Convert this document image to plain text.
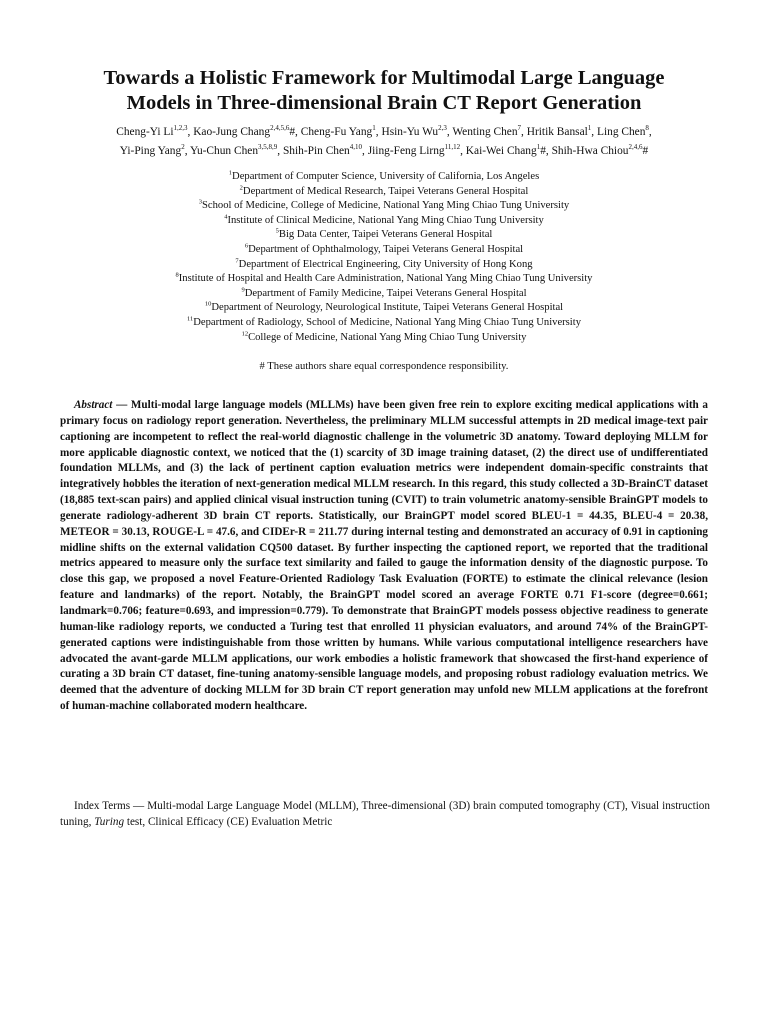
Towards a Holistic Framework for Multimodal Large Language
Models in Three-dimensional Brain CT Report Generation
Cheng-Yi Li$^{1,2,3}$, Kao-Jung Chang$^{2,4,5,6}$#, Cheng-Fu Yang$^1$, Hsin-Yu Wu$^{2,3}$, Wenting Chen$^7$, Hritik Bansal$^1$, Ling Chen$^8$,
Yi-Ping Yang$^2$, Yu-Chun Chen$^{3,5,8,9}$, Shih-Pin Chen$^{4,10}$, Jiing-Feng Lirng$^{11,12}$, Kai-Wei Chang$^1$#, Shih-Hwa Chiou$^{2,4,6}$#
$^1$Department of Computer Science, University of California, Los Angeles
$^2$Department of Medical Research, Taipei Veterans General Hospital
$^3$School of Medicine, College of Medicine, National Yang Ming Chiao Tung University
$^4$Institute of Clinical Medicine, National Yang Ming Chiao Tung University
$^5$Big Data Center, Taipei Veterans General Hospital
$^6$Department of Ophthalmology, Taipei Veterans General Hospital
$^7$Department of Electrical Engineering, City University of Hong Kong
$^8$Institute of Hospital and Health Care Administration, National Yang Ming Chiao Tung University
$^9$Department of Family Medicine, Taipei Veterans General Hospital
$^{10}$Department of Neurology, Neurological Institute, Taipei Veterans General Hospital
$^{11}$Department of Radiology, School of Medicine, National Yang Ming Chiao Tung University
$^{12}$College of Medicine, National Yang Ming Chiao Tung University

# These authors share equal correspondence responsibility.

Abstract — Multi-modal large language models (MLLMs) have been given free rein to explore exciting medical applications with a primary focus on radiology report generation. Nevertheless, the preliminary MLLM successful attempts in 2D medical image-text pair captioning are incompetent to reflect the real-world diagnostic challenge in the volumetric 3D anatomy. Toward deploying MLLM for more applicable diagnostic context, we noticed that the (1) scarcity of 3D image training dataset, (2) the direct use of undifferentiated foundation MLLMs, and (3) the lack of pertinent caption evaluation metrics were independent domain-specific constraints that integratively hobbles the iteration of next-generation medical MLLM research. In this regard, this study collected a 3D-BrainCT dataset (18,885 text-scan pairs) and applied clinical visual instruction tuning (CVIT) to train volumetric anatomy-sensible BrainGPT models to generate radiology-adherent 3D brain CT reports. Statistically, our BrainGPT model scored BLEU-1 = 44.35, BLEU-4 = 20.38, METEOR = 30.13, ROUGE-L = 47.6, and CIDEr-R = 211.77 during internal testing and demonstrated an accuracy of 0.91 in captioning midline shifts on the external validation CQ500 dataset. By further inspecting the captioned report, we reported that the traditional metrics appeared to measure only the surface text similarity and failed to gauge the information density of the diagnostic purpose. To close this gap, we proposed a novel Feature-Oriented Radiology Task Evaluation (FORTE) to estimate the clinical relevance (lesion feature and landmarks) of the report. Notably, the BrainGPT model scored an average FORTE 0.71 F1-score (degree=0.661; landmark=0.706; feature=0.693, and impression=0.779). To demonstrate that BrainGPT models possess objective readiness to generate human-like radiology reports, we conducted a Turing test that enrolled 11 physician evaluators, and around 74% of the BrainGPT-generated captions were indistinguishable from those written by humans. While various computational intelligence researchers have advocated the avant-garde MLLM applications, our work embodies a holistic framework that showcased the first-hand experience of curating a 3D brain CT dataset, fine-tuning anatomy-sensible language models, and proposing robust radiology evaluation metrics. We deemed that the adventure of docking MLLM for 3D brain CT report generation may unfold new MLLM applications at the forefront of human-machine collaborated modern healthcare.

Index Terms — Multi-modal Large Language Model (MLLM), Three-dimensional (3D) brain computed tomography (CT), Visual instruction tuning, Turing test, Clinical Efficacy (CE) Evaluation Metric
